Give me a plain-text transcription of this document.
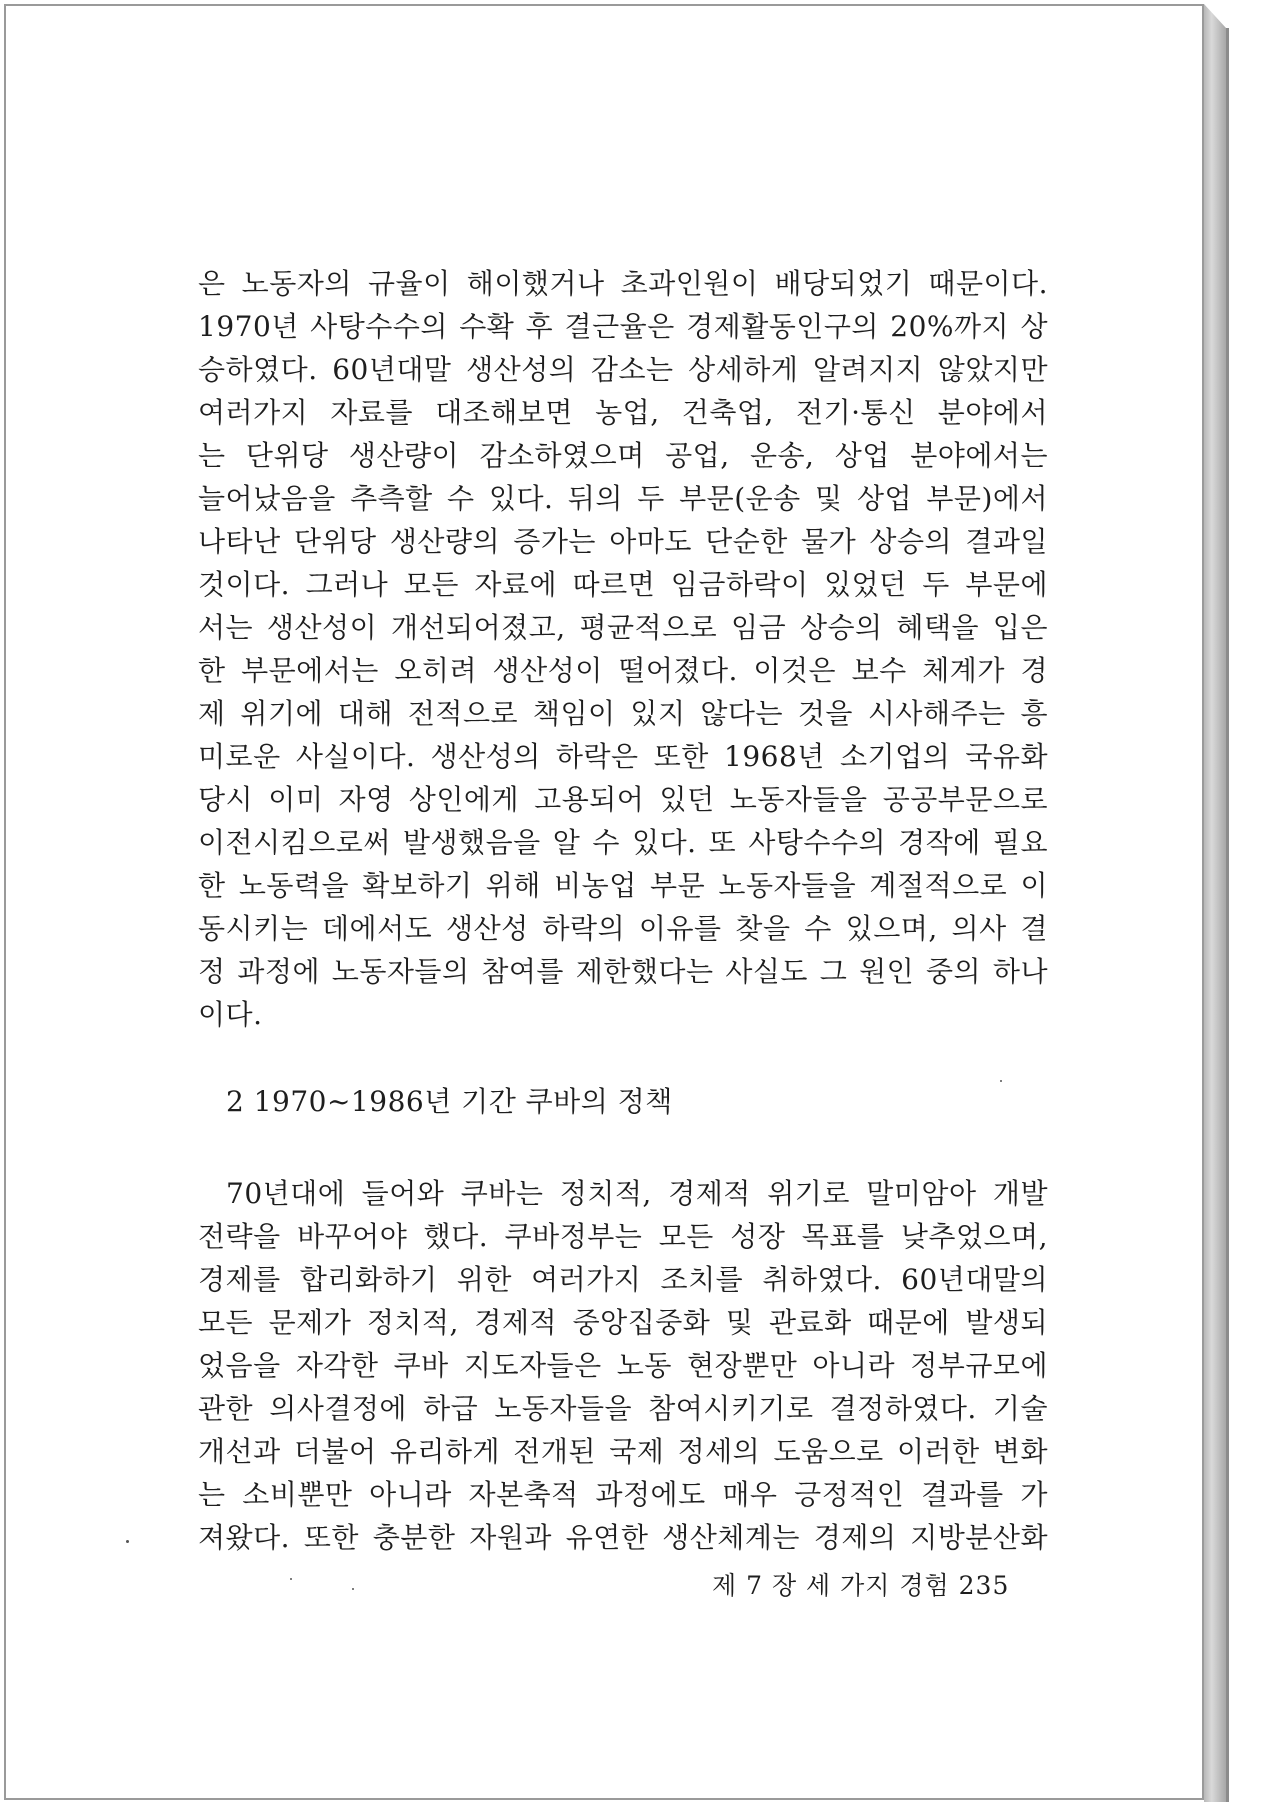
은 노동자의 규율이 해이했거나 초과인원이 배당되었기 때문이다.
1970년 사탕수수의 수확 후 결근율은 경제활동인구의 20%까지 상
승하였다. 60년대말 생산성의 감소는 상세하게 알려지지 않았지만
여러가지 자료를 대조해보면 농업, 건축업, 전기·통신 분야에서
는 단위당 생산량이 감소하였으며 공업, 운송, 상업 분야에서는
늘어났음을 추측할 수 있다. 뒤의 두 부문(운송 및 상업 부문)에서
나타난 단위당 생산량의 증가는 아마도 단순한 물가 상승의 결과일
것이다. 그러나 모든 자료에 따르면 임금하락이 있었던 두 부문에
서는 생산성이 개선되어졌고, 평균적으로 임금 상승의 혜택을 입은
한 부문에서는 오히려 생산성이 떨어졌다. 이것은 보수 체계가 경
제 위기에 대해 전적으로 책임이 있지 않다는 것을 시사해주는 흥
미로운 사실이다. 생산성의 하락은 또한 1968년 소기업의 국유화
당시 이미 자영 상인에게 고용되어 있던 노동자들을 공공부문으로
이전시킴으로써 발생했음을 알 수 있다. 또 사탕수수의 경작에 필요
한 노동력을 확보하기 위해 비농업 부문 노동자들을 계절적으로 이
동시키는 데에서도 생산성 하락의 이유를 찾을 수 있으며, 의사 결
정 과정에 노동자들의 참여를 제한했다는 사실도 그 원인 중의 하나
이다.
2 1970~1986년 기간 쿠바의 정책
70년대에 들어와 쿠바는 정치적, 경제적 위기로 말미암아 개발
전략을 바꾸어야 했다. 쿠바정부는 모든 성장 목표를 낮추었으며,
경제를 합리화하기 위한 여러가지 조치를 취하였다. 60년대말의
모든 문제가 정치적, 경제적 중앙집중화 및 관료화 때문에 발생되
었음을 자각한 쿠바 지도자들은 노동 현장뿐만 아니라 정부규모에
관한 의사결정에 하급 노동자들을 참여시키기로 결정하였다. 기술
개선과 더불어 유리하게 전개된 국제 정세의 도움으로 이러한 변화
는 소비뿐만 아니라 자본축적 과정에도 매우 긍정적인 결과를 가
져왔다. 또한 충분한 자원과 유연한 생산체계는 경제의 지방분산화
제 7 장 세 가지 경험 235
